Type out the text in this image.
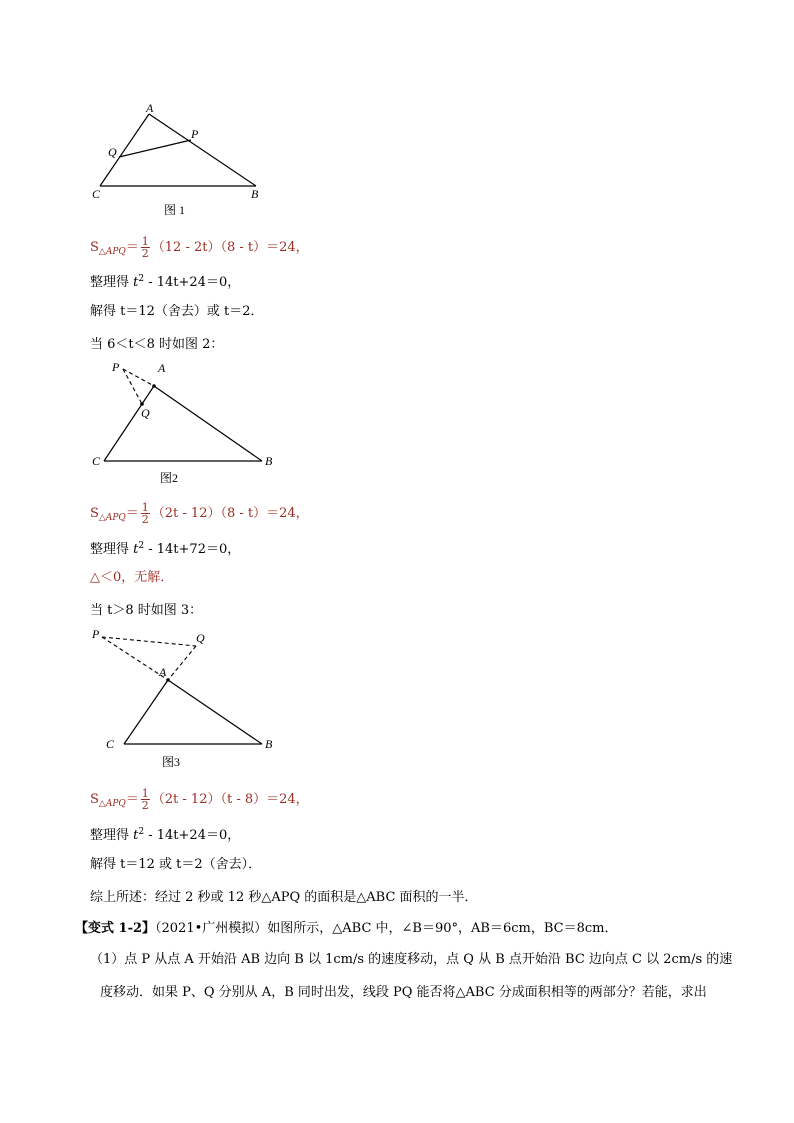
A
P
Q
C	B
图 1
$S_{\triangle APQ}= \frac{1}{2} (12 - 2t)(8 - t)=24$，
整理得 $t^2 - 14t+24=0$，
解得 t＝12（舍去）或 t＝2．
当 6＜t＜8 时如图 2：
P	A
Q
C	B
图2
$S_{\triangle APQ}= \frac{1}{2} (2t - 12)(8 - t)=24$，
整理得 $t^2 - 14t+72=0$，
△＜0，无解．
当 t＞8 时如图 3：
P	Q
A
C	B
图3
$S_{\triangle APQ}= \frac{1}{2} (2t - 12)(t - 8)=24$，
整理得 $t^2 - 14t+24=0$，
解得 t＝12 或 t＝2（舍去）．
综上所述：经过 2 秒或 12 秒△APQ 的面积是△ABC 面积的一半．
【变式 1-2】（2021•广州模拟）如图所示，△ABC 中，∠B＝90°，AB＝6cm，BC＝8cm．
（1）点 P 从点 A 开始沿 AB 边向 B 以 1cm/s 的速度移动，点 Q 从 B 点开始沿 BC 边向点 C 以 2cm/s 的速
度移动．如果 P、Q 分别从 A，B 同时出发，线段 PQ 能否将△ABC 分成面积相等的两部分？若能，求出
